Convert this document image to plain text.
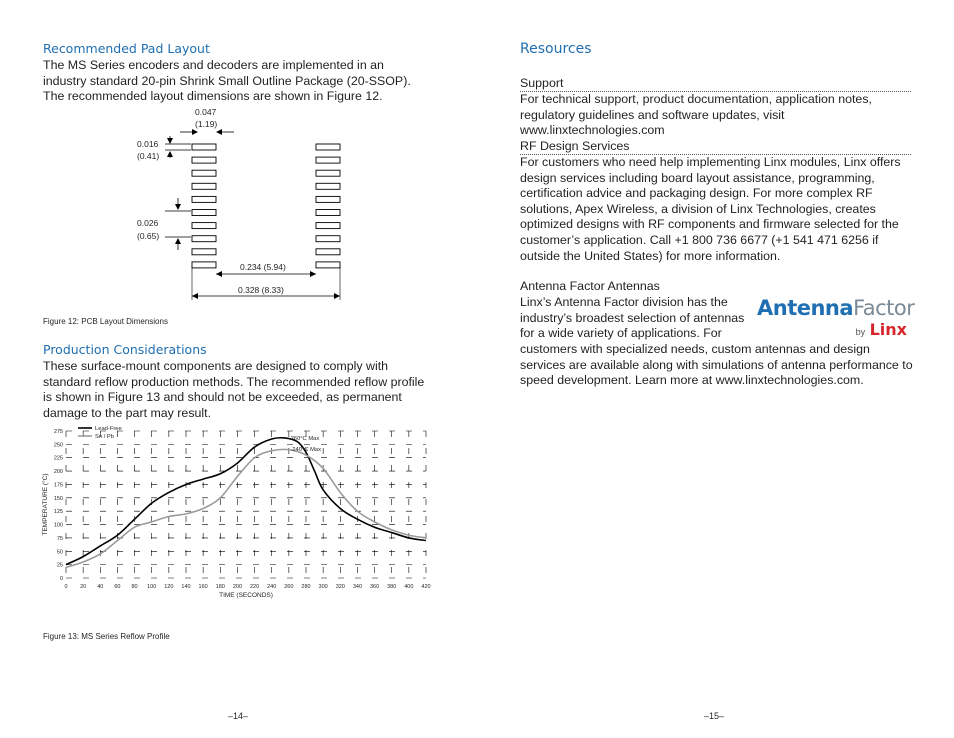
Recommended Pad Layout
The MS Series encoders and decoders are implemented in an industry standard 20-pin Shrink Small Outline Package (20-SSOP). The recommended layout dimensions are shown in Figure 12.
0.047
(1.19)
0.016
(0.41)
0.026
(0.65)
0.234 (5.94)
0.328 (8.33)
Figure 12: PCB Layout Dimensions
Production Considerations
These surface-mount components are designed to comply with standard reflow production methods. The recommended reflow profile is shown in Figure 13 and should not be exceeded, as permanent damage to the part may result.
0 20 40 60 80 100 120 140 160 180 200 220 240 260 280 300 320 340 360 380 400 420
0
25
50
75
100
125
150
175
200
225
250
275
TIME (SECONDS)
TEMPERATURE (°C)
Lead-Free
Sn / Pb	260°C Max
240°C Max
Figure 13: MS Series Reflow Profile
–14–
Resources
Support
For technical support, product documentation, application notes, regulatory guidelines and software updates, visit www.linxtechnologies.com
RF Design Services
For customers who need help implementing Linx modules, Linx offers design services including board layout assistance, programming, certification advice and packaging design. For more complex RF solutions, Apex Wireless, a division of Linx Technologies, creates optimized designs with RF components and firmware selected for the customer’s application. Call +1 800 736 6677 (+1 541 471 6256 if outside the United States) for more information.
Antenna Factor Antennas
Linx’s Antenna Factor division has the
industry’s broadest selection of antennas
for a wide variety of applications. For
customers with specialized needs, custom antennas and design services are available along with simulations of antenna performance to speed development. Learn more at www.linxtechnologies.com.
AntennaFactor
by Linx
–15–
